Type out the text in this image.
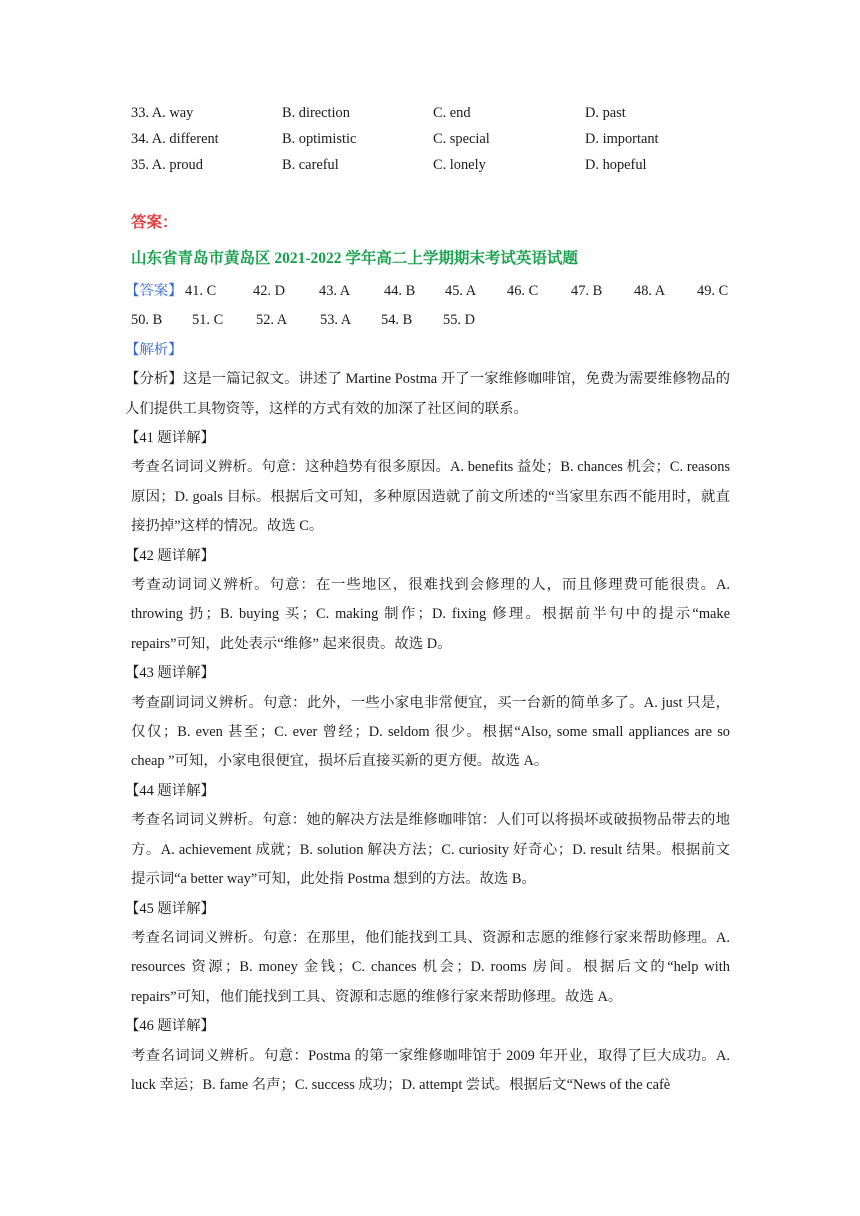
33. A. way	B. direction	C. end	D. past
34. A. different	B. optimistic	C. special	D. important
35. A. proud	B. careful	C. lonely	D. hopeful
答案：
山东省青岛市黄岛区 2021-2022 学年高二上学期期末考试英语试题
【答案】 41. C	42. D 43. A 44. B 45. A 46. C 47. B 48. A 49. C
50. B 51. C 52. A 53. A 54. B 55. D

【解析】

【分析】这是一篇记叙文。讲述了 Martine Postma 开了一家维修咖啡馆，免费为需要维修物品的人们提供工具物资等，这样的方式有效的加深了社区间的联系。

【41 题详解】

考查名词词义辨析。句意：这种趋势有很多原因。A. benefits 益处；B. chances 机会；C. reasons 原因；D. goals 目标。根据后文可知，多种原因造就了前文所述的“当家里东西不能用时，就直接扔掉”这样的情况。故选 C。

【42 题详解】

考查动词词义辨析。句意：在一些地区，很难找到会修理的人，而且修理费可能很贵。A. throwing 扔；B. buying 买；C. making 制作；D. fixing 修理。根据前半句中的提示“make repairs”可知，此处表示“维修” 起来很贵。故选 D。

【43 题详解】

考查副词词义辨析。句意：此外，一些小家电非常便宜，买一台新的简单多了。A. just 只是，仅仅；B. even 甚至；C. ever 曾经；D. seldom 很少。根据“Also, some small appliances are so cheap ”可知，小家电很便宜，损坏后直接买新的更方便。故选 A。

【44 题详解】

考查名词词义辨析。句意：她的解决方法是维修咖啡馆：人们可以将损坏或破损物品带去的地方。A. achievement 成就；B. solution 解决方法；C. curiosity 好奇心；D. result 结果。根据前文提示词“a better way”可知，此处指 Postma 想到的方法。故选 B。

【45 题详解】

考查名词词义辨析。句意：在那里，他们能找到工具、资源和志愿的维修行家来帮助修理。A. resources 资源；B. money 金钱；C. chances 机会；D. rooms 房间。根据后文的“help with repairs”可知，他们能找到工具、资源和志愿的维修行家来帮助修理。故选 A。

【46 题详解】

考查名词词义辨析。句意：Postma 的第一家维修咖啡馆于 2009 年开业，取得了巨大成功。A. luck 幸运；B. fame 名声；C. success 成功；D. attempt 尝试。根据后文“News of the cafè
